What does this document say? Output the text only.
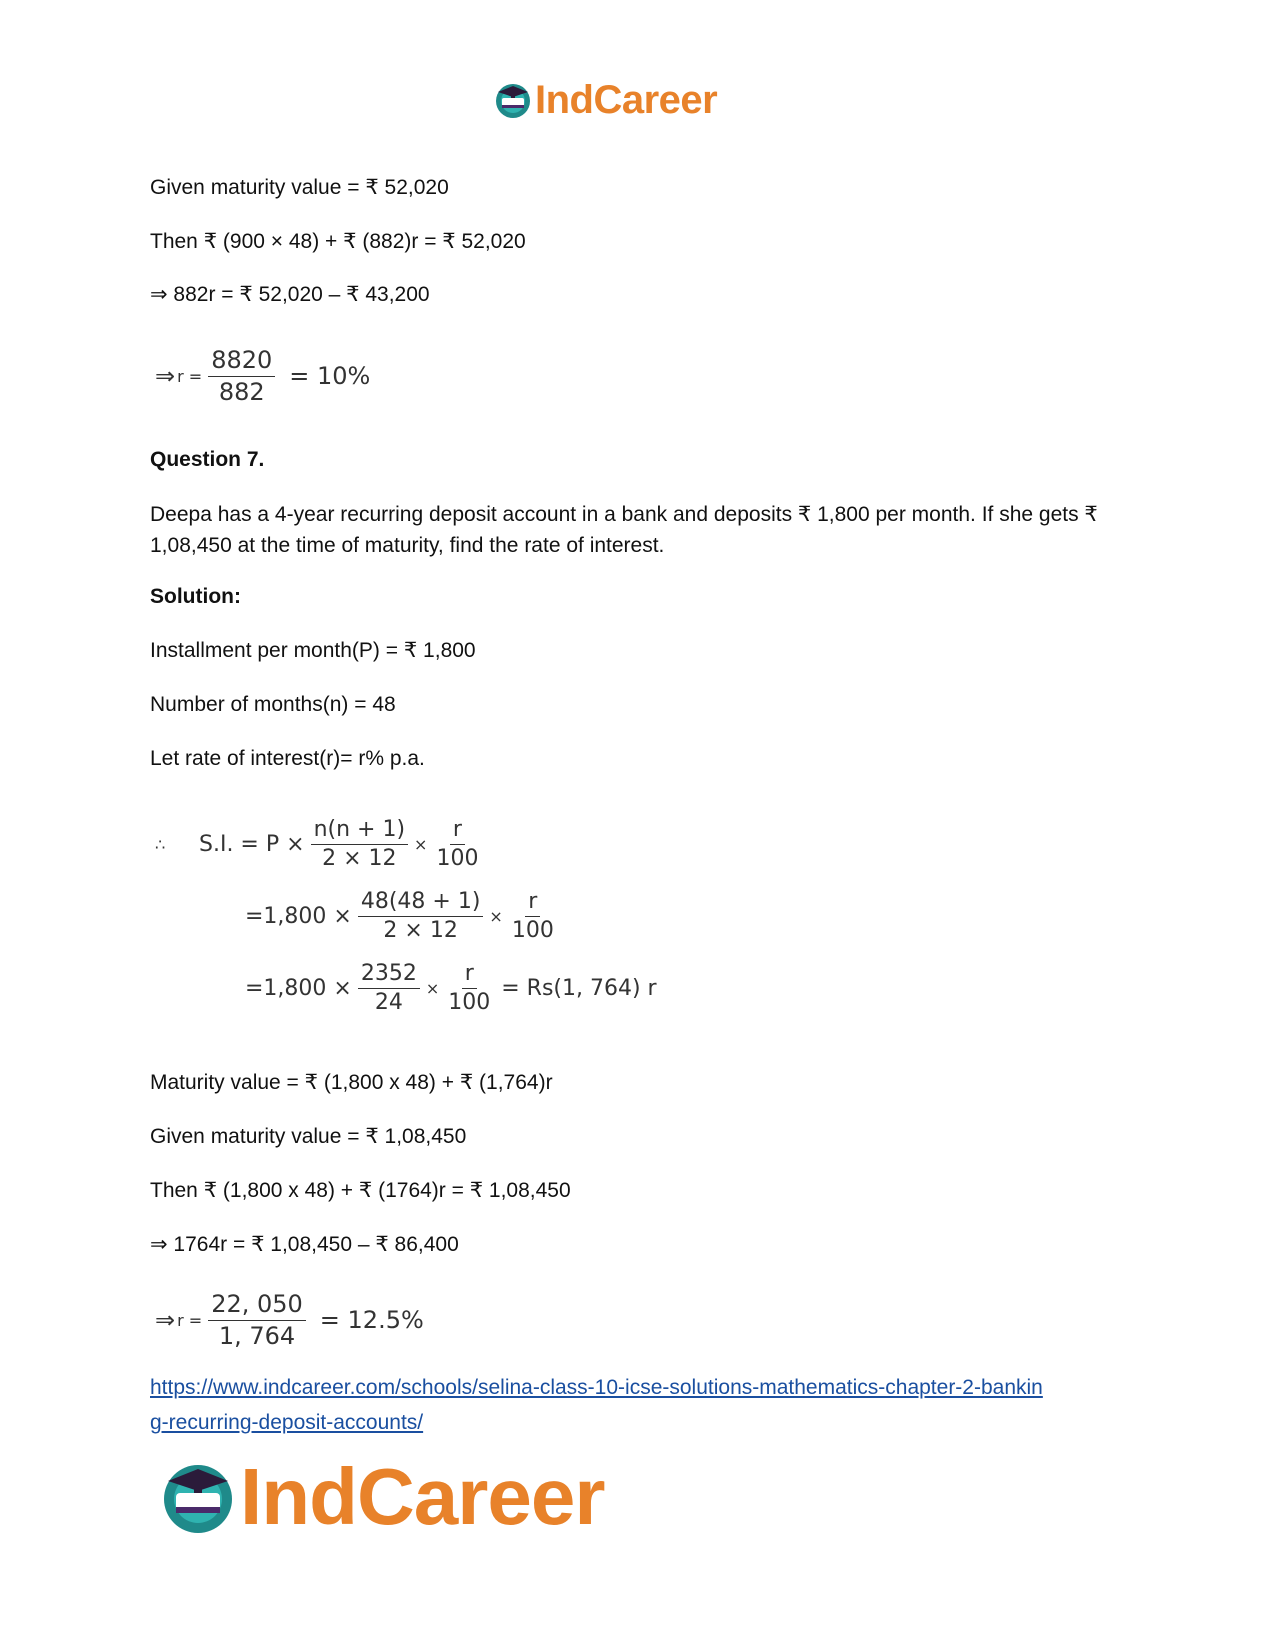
IndCareer
Given maturity value = ₹ 52,020
Then ₹ (900 × 48) + ₹ (882)r = ₹ 52,020
⇒ 882r = ₹ 52,020 – ₹ 43,200
⇒ $r = \frac{8820}{882} = 10\%$
Question 7.
Deepa has a 4-year recurring deposit account in a bank and deposits ₹ 1,800 per month. If she gets ₹ 1,08,450 at the time of maturity, find the rate of interest.
Solution:
Installment per month(P) = ₹ 1,800
Number of months(n) = 48
Let rate of interest(r)= r% p.a.
∴	S.I. = $P \times \frac{n(n + 1)}{2 \times 12} \times \frac{r}{100}$
$=1,800 \times \frac{48(48 + 1)}{2 \times 12} \times \frac{r}{100}$
$=1,800 \times \frac{2352}{24} \times \frac{r}{100} = Rs(1$, 764) r
Maturity value = ₹ (1,800 x 48) + ₹ (1,764)r
Given maturity value = ₹ 1,08,450
Then ₹ (1,800 x 48) + ₹ (1764)r = ₹ 1,08,450
⇒ 1764r = ₹ 1,08,450 – ₹ 86,400
⇒ $r = \frac{22, 050}{1, 764} = 12.5\%$
https://www.indcareer.com/schools/selina-class-10-icse-solutions-mathematics-chapter-2-bankin
g-recurring-deposit-accounts/
IndCareer
